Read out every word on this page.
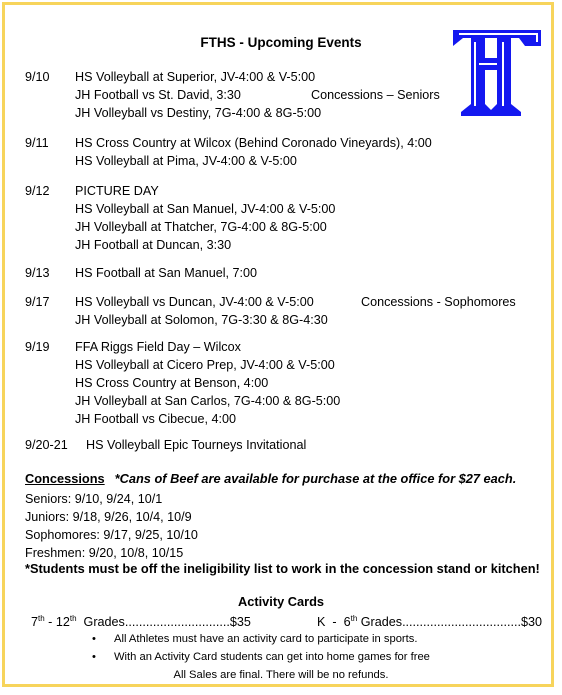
FTHS - Upcoming Events
9/10 HS Volleyball at Superior, JV-4:00 & V-5:00
JH Football vs St. David, 3:30	Concessions – Seniors
JH Volleyball vs Destiny, 7G-4:00 & 8G-5:00
9/11 HS Cross Country at Wilcox (Behind Coronado Vineyards), 4:00
HS Volleyball at Pima, JV-4:00 & V-5:00
9/12 PICTURE DAY
HS Volleyball at San Manuel, JV-4:00 & V-5:00
JH Volleyball at Thatcher, 7G-4:00 & 8G-5:00
JH Football at Duncan, 3:30
9/13 HS Football at San Manuel, 7:00
9/17 HS Volleyball vs Duncan, JV-4:00 & V-5:00	Concessions - Sophomores
JH Volleyball at Solomon, 7G-3:30 & 8G-4:30
9/19 FFA Riggs Field Day – Wilcox
HS Volleyball at Cicero Prep, JV-4:00 & V-5:00
HS Cross Country at Benson, 4:00
JH Volleyball at San Carlos, 7G-4:00 & 8G-5:00
JH Football vs Cibecue, 4:00
9/20-21 HS Volleyball Epic Tourneys Invitational
Concessions *Cans of Beef are available for purchase at the office for $27 each.
Seniors: 9/10, 9/24, 10/1
Juniors: 9/18, 9/26, 10/4, 10/9
Sophomores: 9/17, 9/25, 10/10
Freshmen: 9/20, 10/8, 10/15
*Students must be off the ineligibility list to work in the concession stand or kitchen!
Activity Cards
7th - 12th  Grades..............................$35	K  -  6th Grades..................................$30
• All Athletes must have an activity card to participate in sports.
• With an Activity Card students can get into home games for free
All Sales are final. There will be no refunds.
